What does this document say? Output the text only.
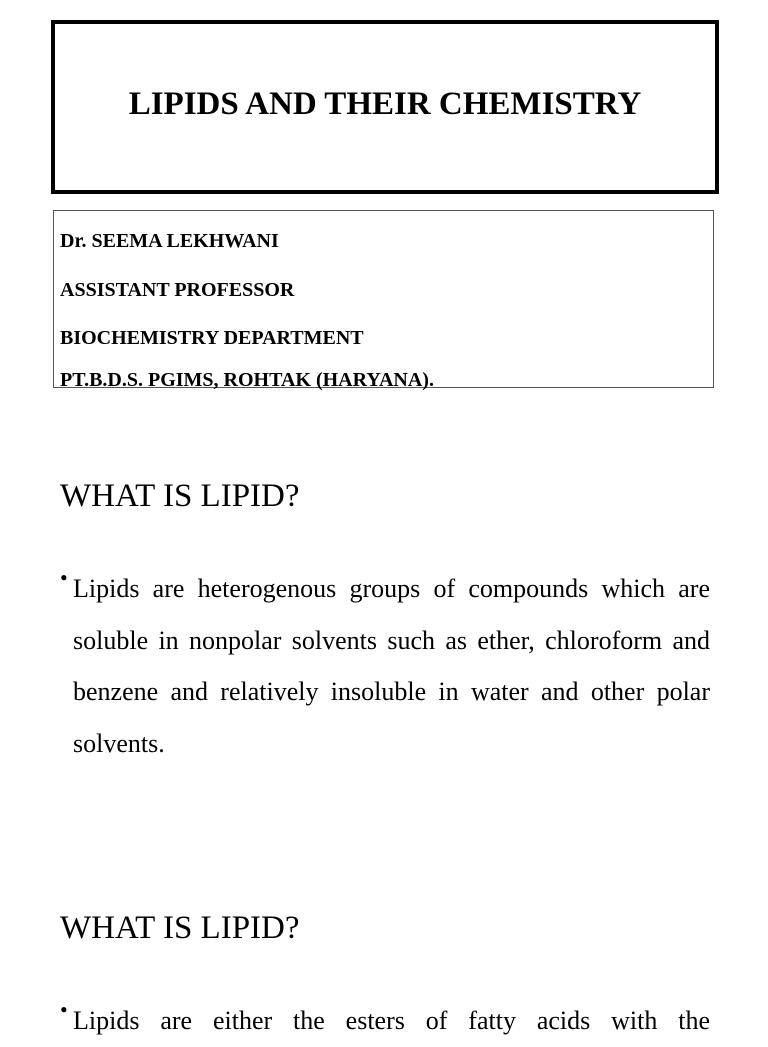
LIPIDS AND THEIR CHEMISTRY
Dr. SEEMA LEKHWANI
ASSISTANT PROFESSOR
BIOCHEMISTRY DEPARTMENT
PT.B.D.S. PGIMS, ROHTAK (HARYANA).
WHAT IS LIPID?
• Lipids are heterogenous groups of compounds which are soluble in nonpolar solvents such as ether, chloroform and benzene and relatively insoluble in water and other polar solvents.
WHAT IS LIPID?
• Lipids are either the esters of fatty acids with the
